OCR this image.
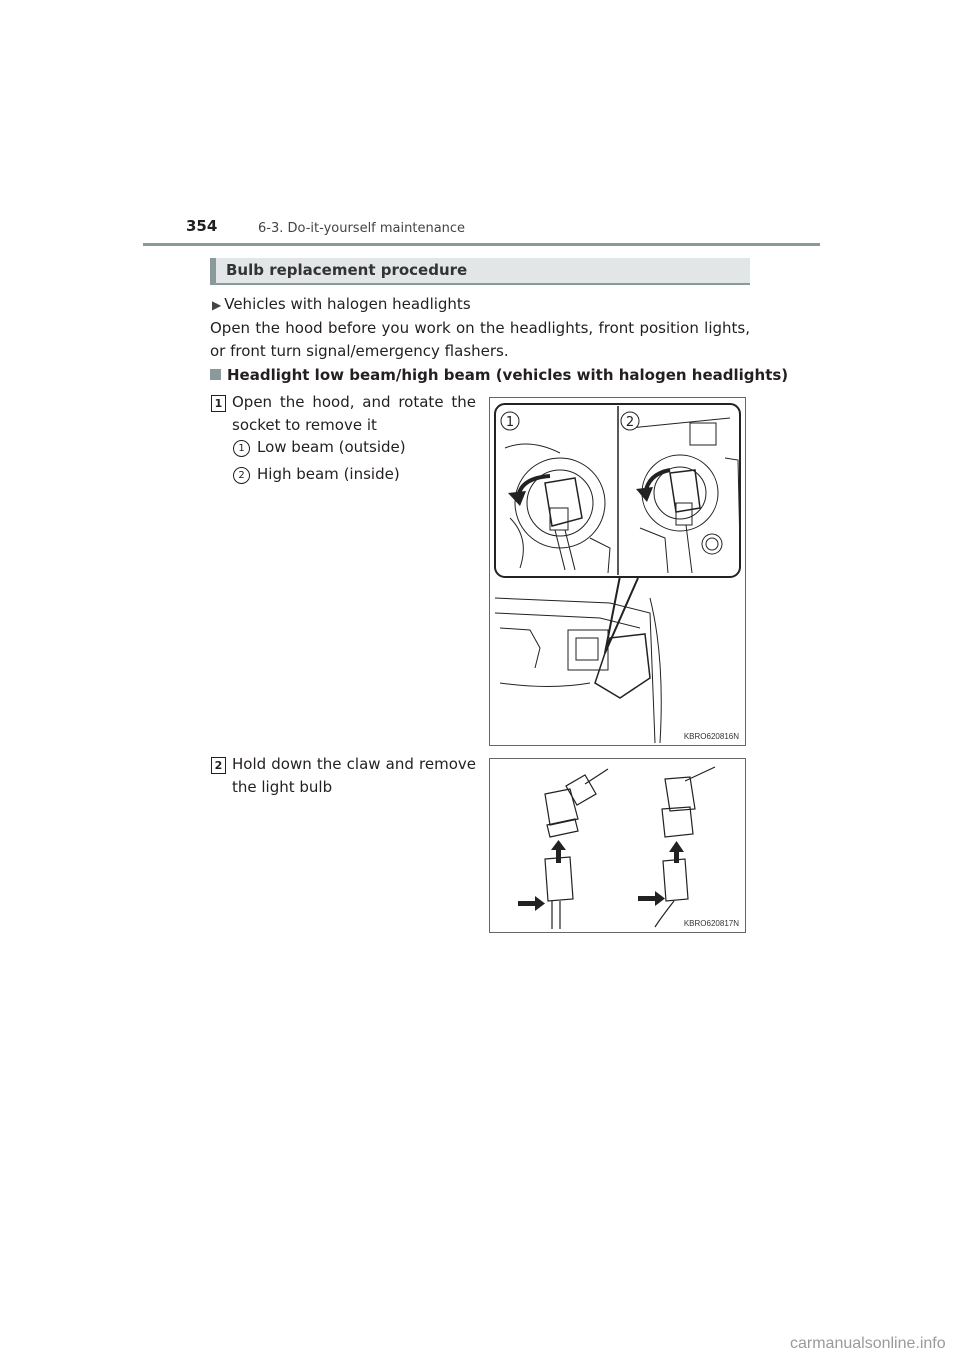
354	6-3. Do-it-yourself maintenance
Bulb replacement procedure
▶ Vehicles with halogen headlights
Open the hood before you work on the headlights, front position lights, or front turn signal/emergency flashers.
Headlight low beam/high beam (vehicles with halogen headlights)
1 Open the hood, and rotate the socket to remove it
1 Low beam (outside)
2 High beam (inside)
1	2
KBRO620816N
2 Hold down the claw and remove the light bulb
KBRO620817N
carmanualsonline.info
